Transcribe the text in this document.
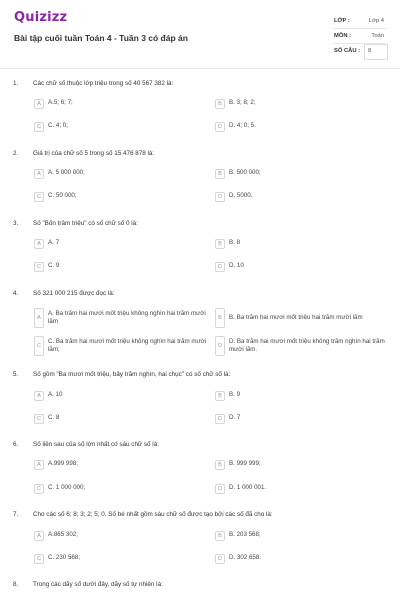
Quizizz
Bài tập cuối tuần Toán 4 - Tuần 3 có đáp án
LỚP :	Lớp 4
MÔN :	Toán
SỐ CÂU : 8
1. Các chữ số thuộc lớp triệu trong số 40 567 382 là:
A	A.5; 6; 7;	B	B. 3; 8; 2;
C	C. 4; 0;	D	D. 4; 0; 5.
2. Giá trị của chữ số 5 trong số 15 476 878 là:
A	A. 5 000 000;	B	B. 500 000;
C	C. 50 000;	D	D. 5000.
3. Số "Bốn trăm triệu" có số chữ số 0 là:
A	A. 7	B	B. 8
C	C. 9	D	D. 10
4. Số 321 000 215 được đọc là:
A
A. Ba trăm hai mươi mốt triệu không nghìn hai trăm mười lăm	B	B. Ba trăm hai mươi mốt triệu hai trăm mười lăm
C
C. Ba trăm hai mươi mốt triệu không nghìn hai trăm mười lăm;	D
D. Ba trăm hai mươi mốt triệu không trăm nghìn hai trăm mười lăm.
5. Số gồm "Ba mươi mốt triệu, bảy trăm nghìn, hai chục" có số chữ số là:
A	A. 10	B	B. 9
C	C. 8	D	D. 7
6. Số liền sau của số lớn nhất có sáu chữ số là:
A	A.999 998;	B	B. 999 999;
C	C. 1 000 000;	D	D. 1 000 001.
7. Cho các số 6; 8; 3; 2; 5; 0. Số bé nhất gồm sáu chữ số được tạo bởi các số đã cho là:
A	A.865 302;	B	B. 203 568;
C	C. 230 568;	D	D. 302 658.
8. Trong các dãy số dưới đây, dãy số tự nhiên là:
